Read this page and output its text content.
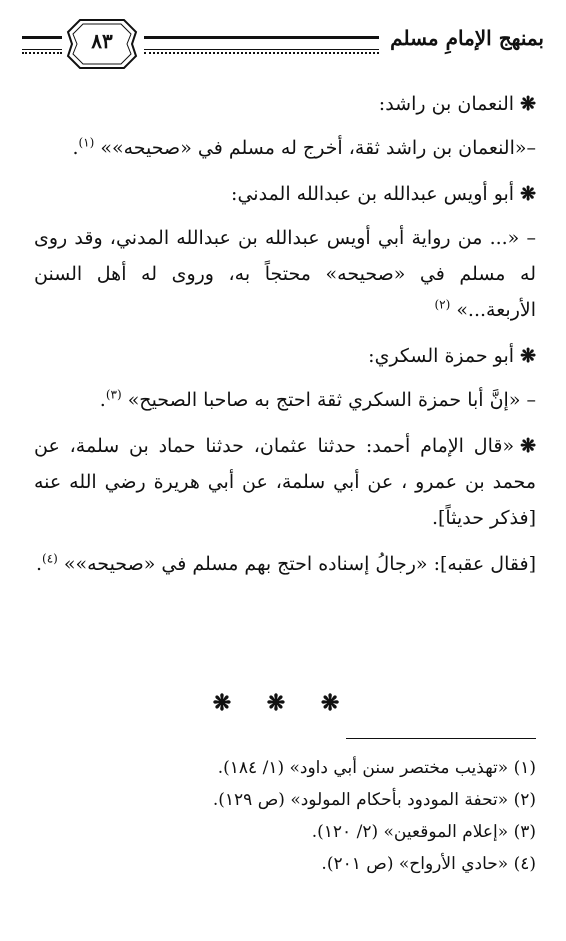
بمنهج الإمامِ مسلم
٨٣

❋النعمان بن راشد:

–«النعمان بن راشد ثقة، أخرج له مسلم في «صحيحه»» $^{(١)}$.

❋أبو أويس عبدالله بن عبدالله المدني:

– «... من رواية أبي أويس عبدالله بن عبدالله المدني، وقد روى له مسلم في «صحيحه» محتجاً به، وروى له أهل السنن الأربعة...» $^{(٢)}$

❋أبو حمزة السكري:

– «إنَّ أبا حمزة السكري ثقة احتج به صاحبا الصحيح» $^{(٣)}$.

❋«قال الإمام أحمد: حدثنا عثمان، حدثنا حماد بن سلمة، عن محمد بن عمرو ، عن أبي سلمة، عن أبي هريرة رضي الله عنه [فذكر حديثاً].

[فقال عقبه]: «رجالُ إسناده احتج بهم مسلم في «صحيحه»» $^{(٤)}$.

❋ ❋ ❋
(١) «تهذيب مختصر سنن أبي داود» (١/ ١٨٤).
(٢) «تحفة المودود بأحكام المولود» (ص ١٢٩).
(٣) «إعلام الموقعين» (٢/ ١٢٠).
(٤) «حادي الأرواح» (ص ٢٠١).
